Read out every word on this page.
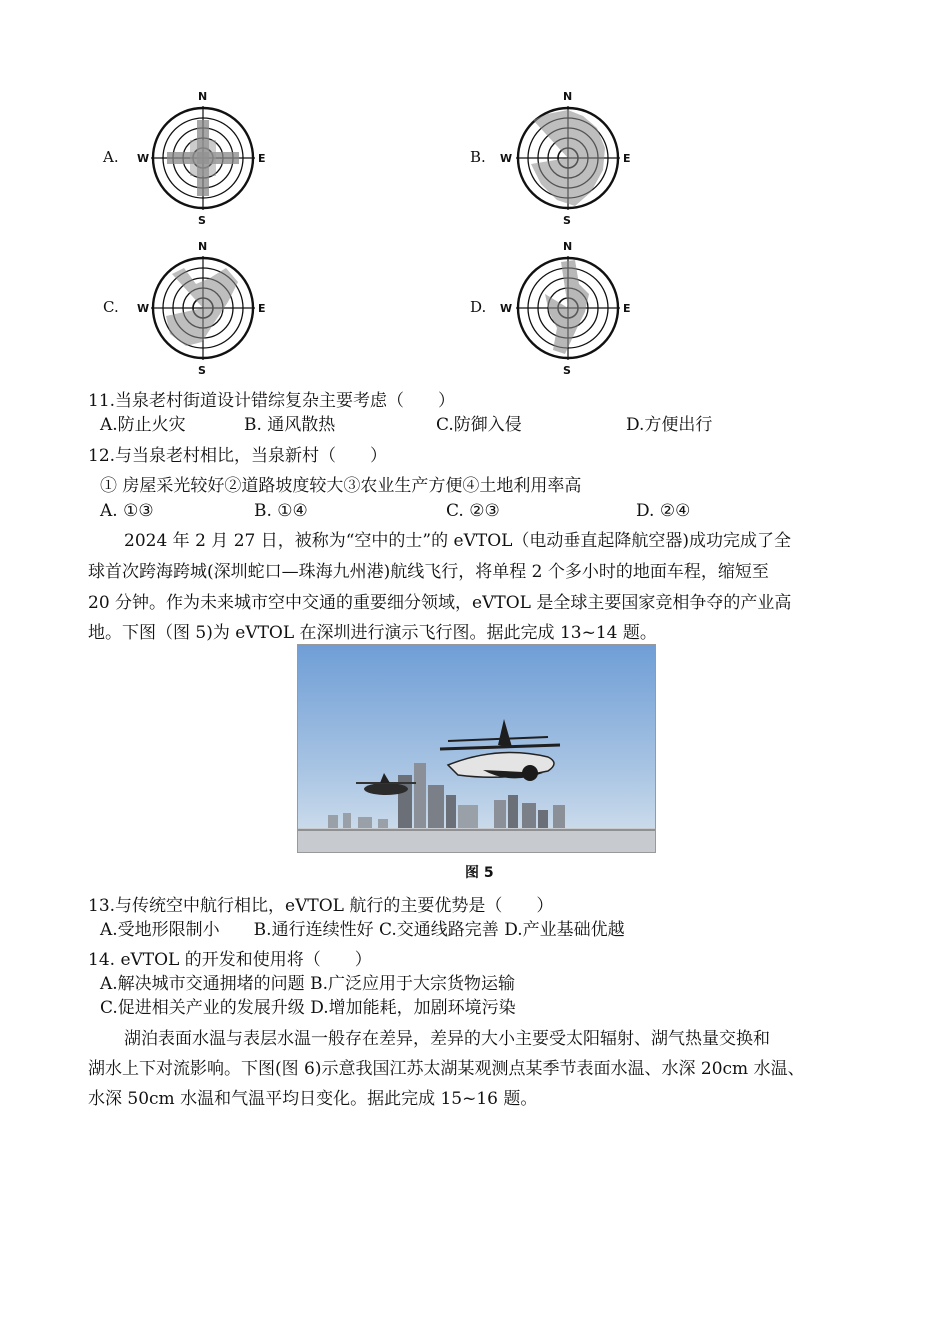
A.
N
S
E
W	B.
N
S
E
W
C.
N
S
E
W	D.
N
S
E
W
11.当泉老村街道设计错综复杂主要考虑（　　）
A.防止火灾	B. 通风散热	C.防御入侵	D.方便出行
12.与当泉老村相比，当泉新村（　　）
① 房屋采光较好②道路坡度较大③农业生产方便④土地利用率高
A. ①③	B. ①④	C. ②③	D. ②④
2024 年 2 月 27 日，被称为“空中的士”的 eVTOL（电动垂直起降航空器)成功完成了全
球首次跨海跨城(深圳蛇口—珠海九州港)航线飞行，将单程 2 个多小时的地面车程，缩短至
20 分钟。作为未来城市空中交通的重要细分领域，eVTOL 是全球主要国家竞相争夺的产业高
地。下图（图 5)为 eVTOL 在深圳进行演示飞行图。据此完成 13~14 题。
图 5
13.与传统空中航行相比，eVTOL 航行的主要优势是（　　）
A.受地形限制小　　B.通行连续性好 C.交通线路完善 D.产业基础优越
14. eVTOL 的开发和使用将（　　）
A.解决城市交通拥堵的问题 B.广泛应用于大宗货物运输
C.促进相关产业的发展升级 D.增加能耗，加剧环境污染
湖泊表面水温与表层水温一般存在差异，差异的大小主要受太阳辐射、湖气热量交换和
湖水上下对流影响。下图(图 6)示意我国江苏太湖某观测点某季节表面水温、水深 20cm 水温、
水深 50cm 水温和气温平均日变化。据此完成 15~16 题。
